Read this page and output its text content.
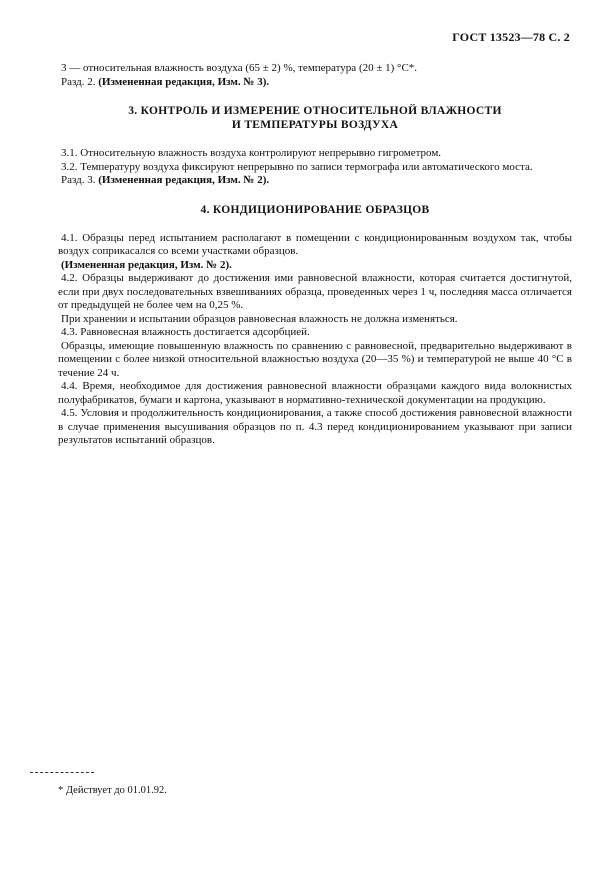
ГОСТ 13523—78 С. 2

3 — относительная влажность воздуха (65 ± 2) %, температура (20 ± 1) °С*.

Разд. 2. (Измененная редакция, Изм. № 3).

3. КОНТРОЛЬ И ИЗМЕРЕНИЕ ОТНОСИТЕЛЬНОЙ ВЛАЖНОСТИ

И ТЕМПЕРАТУРЫ ВОЗДУХА

3.1. Относительную влажность воздуха контролируют непрерывно гигрометром.

3.2. Температуру воздуха фиксируют непрерывно по записи термографа или автоматического моста.

Разд. 3. (Измененная редакция, Изм. № 2).

4. КОНДИЦИОНИРОВАНИЕ ОБРАЗЦОВ

4.1. Образцы перед испытанием располагают в помещении с кондиционированным воздухом так, чтобы воздух соприкасался со всеми участками образцов.

(Измененная редакция, Изм. № 2).

4.2. Образцы выдерживают до достижения ими равновесной влажности, которая считается достигнутой, если при двух последовательных взвешиваниях образца, проведенных через 1 ч, последняя масса отличается от предыдущей не более чем на 0,25 %.

При хранении и испытании образцов равновесная влажность не должна изменяться.

4.3. Равновесная влажность достигается адсорбцией.

Образцы, имеющие повышенную влажность по сравнению с равновесной, предварительно выдерживают в помещении с более низкой относительной влажностью воздуха (20—35 %) и температурой не выше 40 °С в течение 24 ч.

4.4. Время, необходимое для достижения равновесной влажности образцами каждого вида волокнистых полуфабрикатов, бумаги и картона, указывают в нормативно-технической документации на продукцию.

4.5. Условия и продолжительность кондиционирования, а также способ достижения равновесной влажности в случае применения высушивания образцов по п. 4.3 перед кондиционированием указывают при записи результатов испытаний образцов.

* Действует до 01.01.92.
